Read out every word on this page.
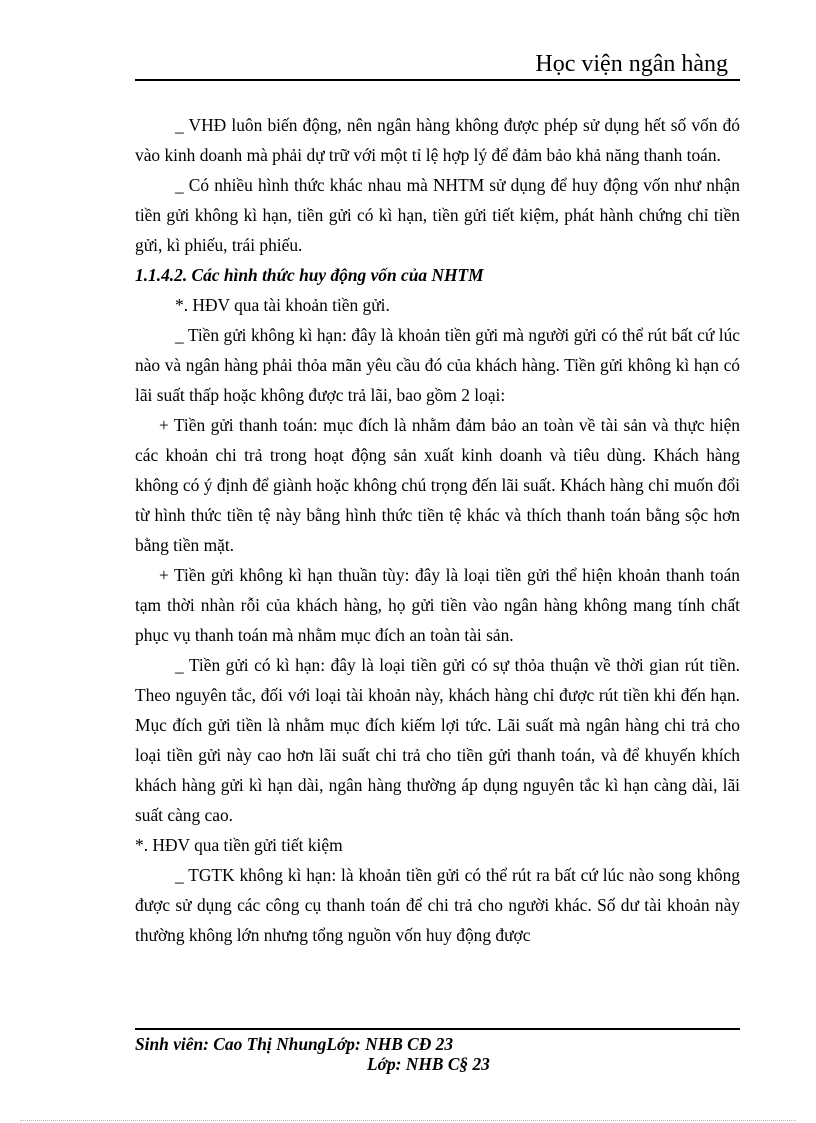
Học viện ngân hàng

_ VHĐ luôn biến động, nên ngân hàng không được phép sử dụng hết số vốn đó vào kinh doanh mà phải dự trữ với một tỉ lệ hợp lý để đảm bảo khả năng thanh toán.

_ Có nhiều hình thức khác nhau mà NHTM sử dụng để huy động vốn như nhận tiền gửi không kì hạn, tiền gửi có kì hạn, tiền gửi tiết kiệm, phát hành chứng chỉ tiền gửi, kì phiếu, trái phiếu.

1.1.4.2. Các hình thức huy động vốn của NHTM

*. HĐV qua tài khoản tiền gửi.

_ Tiền gửi không kì hạn: đây là khoản tiền gửi mà người gửi có thể rút bất cứ lúc nào và ngân hàng phải thỏa mãn yêu cầu đó của khách hàng. Tiền gửi không kì hạn có lãi suất thấp hoặc không được trả lãi, bao gồm 2 loại:

+ Tiền gửi thanh toán: mục đích là nhằm đảm bảo an toàn về tài sản và thực hiện các khoản chi trả trong hoạt động sản xuất kinh doanh và tiêu dùng. Khách hàng không có ý định để giành hoặc không chú trọng đến lãi suất. Khách hàng chỉ muốn đổi từ hình thức tiền tệ này bằng hình thức tiền tệ khác và thích thanh toán bằng sộc hơn bằng tiền mặt.

+ Tiền gửi không kì hạn thuần tùy: đây là loại tiền gửi thể hiện khoản thanh toán tạm thời nhàn rỗi của khách hàng, họ gửi tiền vào ngân hàng không mang tính chất phục vụ thanh toán mà nhằm mục đích an toàn tài sản.

_ Tiền gửi có kì hạn: đây là loại tiền gửi có sự thỏa thuận về thời gian rút tiền. Theo nguyên tắc, đối với loại tài khoản này, khách hàng chỉ được rút tiền khi đến hạn. Mục đích gửi tiền là nhằm mục đích kiếm lợi tức. Lãi suất mà ngân hàng chi trả cho loại tiền gửi này cao hơn lãi suất chi trả cho tiền gửi thanh toán, và để khuyến khích khách hàng gửi kì hạn dài, ngân hàng thường áp dụng nguyên tắc kì hạn càng dài, lãi suất càng cao.

*. HĐV qua tiền gửi tiết kiệm

_ TGTK không kì hạn: là khoản tiền gửi có thể rút ra bất cứ lúc nào song không được sử dụng các công cụ thanh toán để chi trả cho người khác. Số dư tài khoản này thường không lớn nhưng tổng nguồn vốn huy động được

Sinh viên: Cao Thị NhungLớp: NHB CĐ 23
Lớp: NHB C§ 23
